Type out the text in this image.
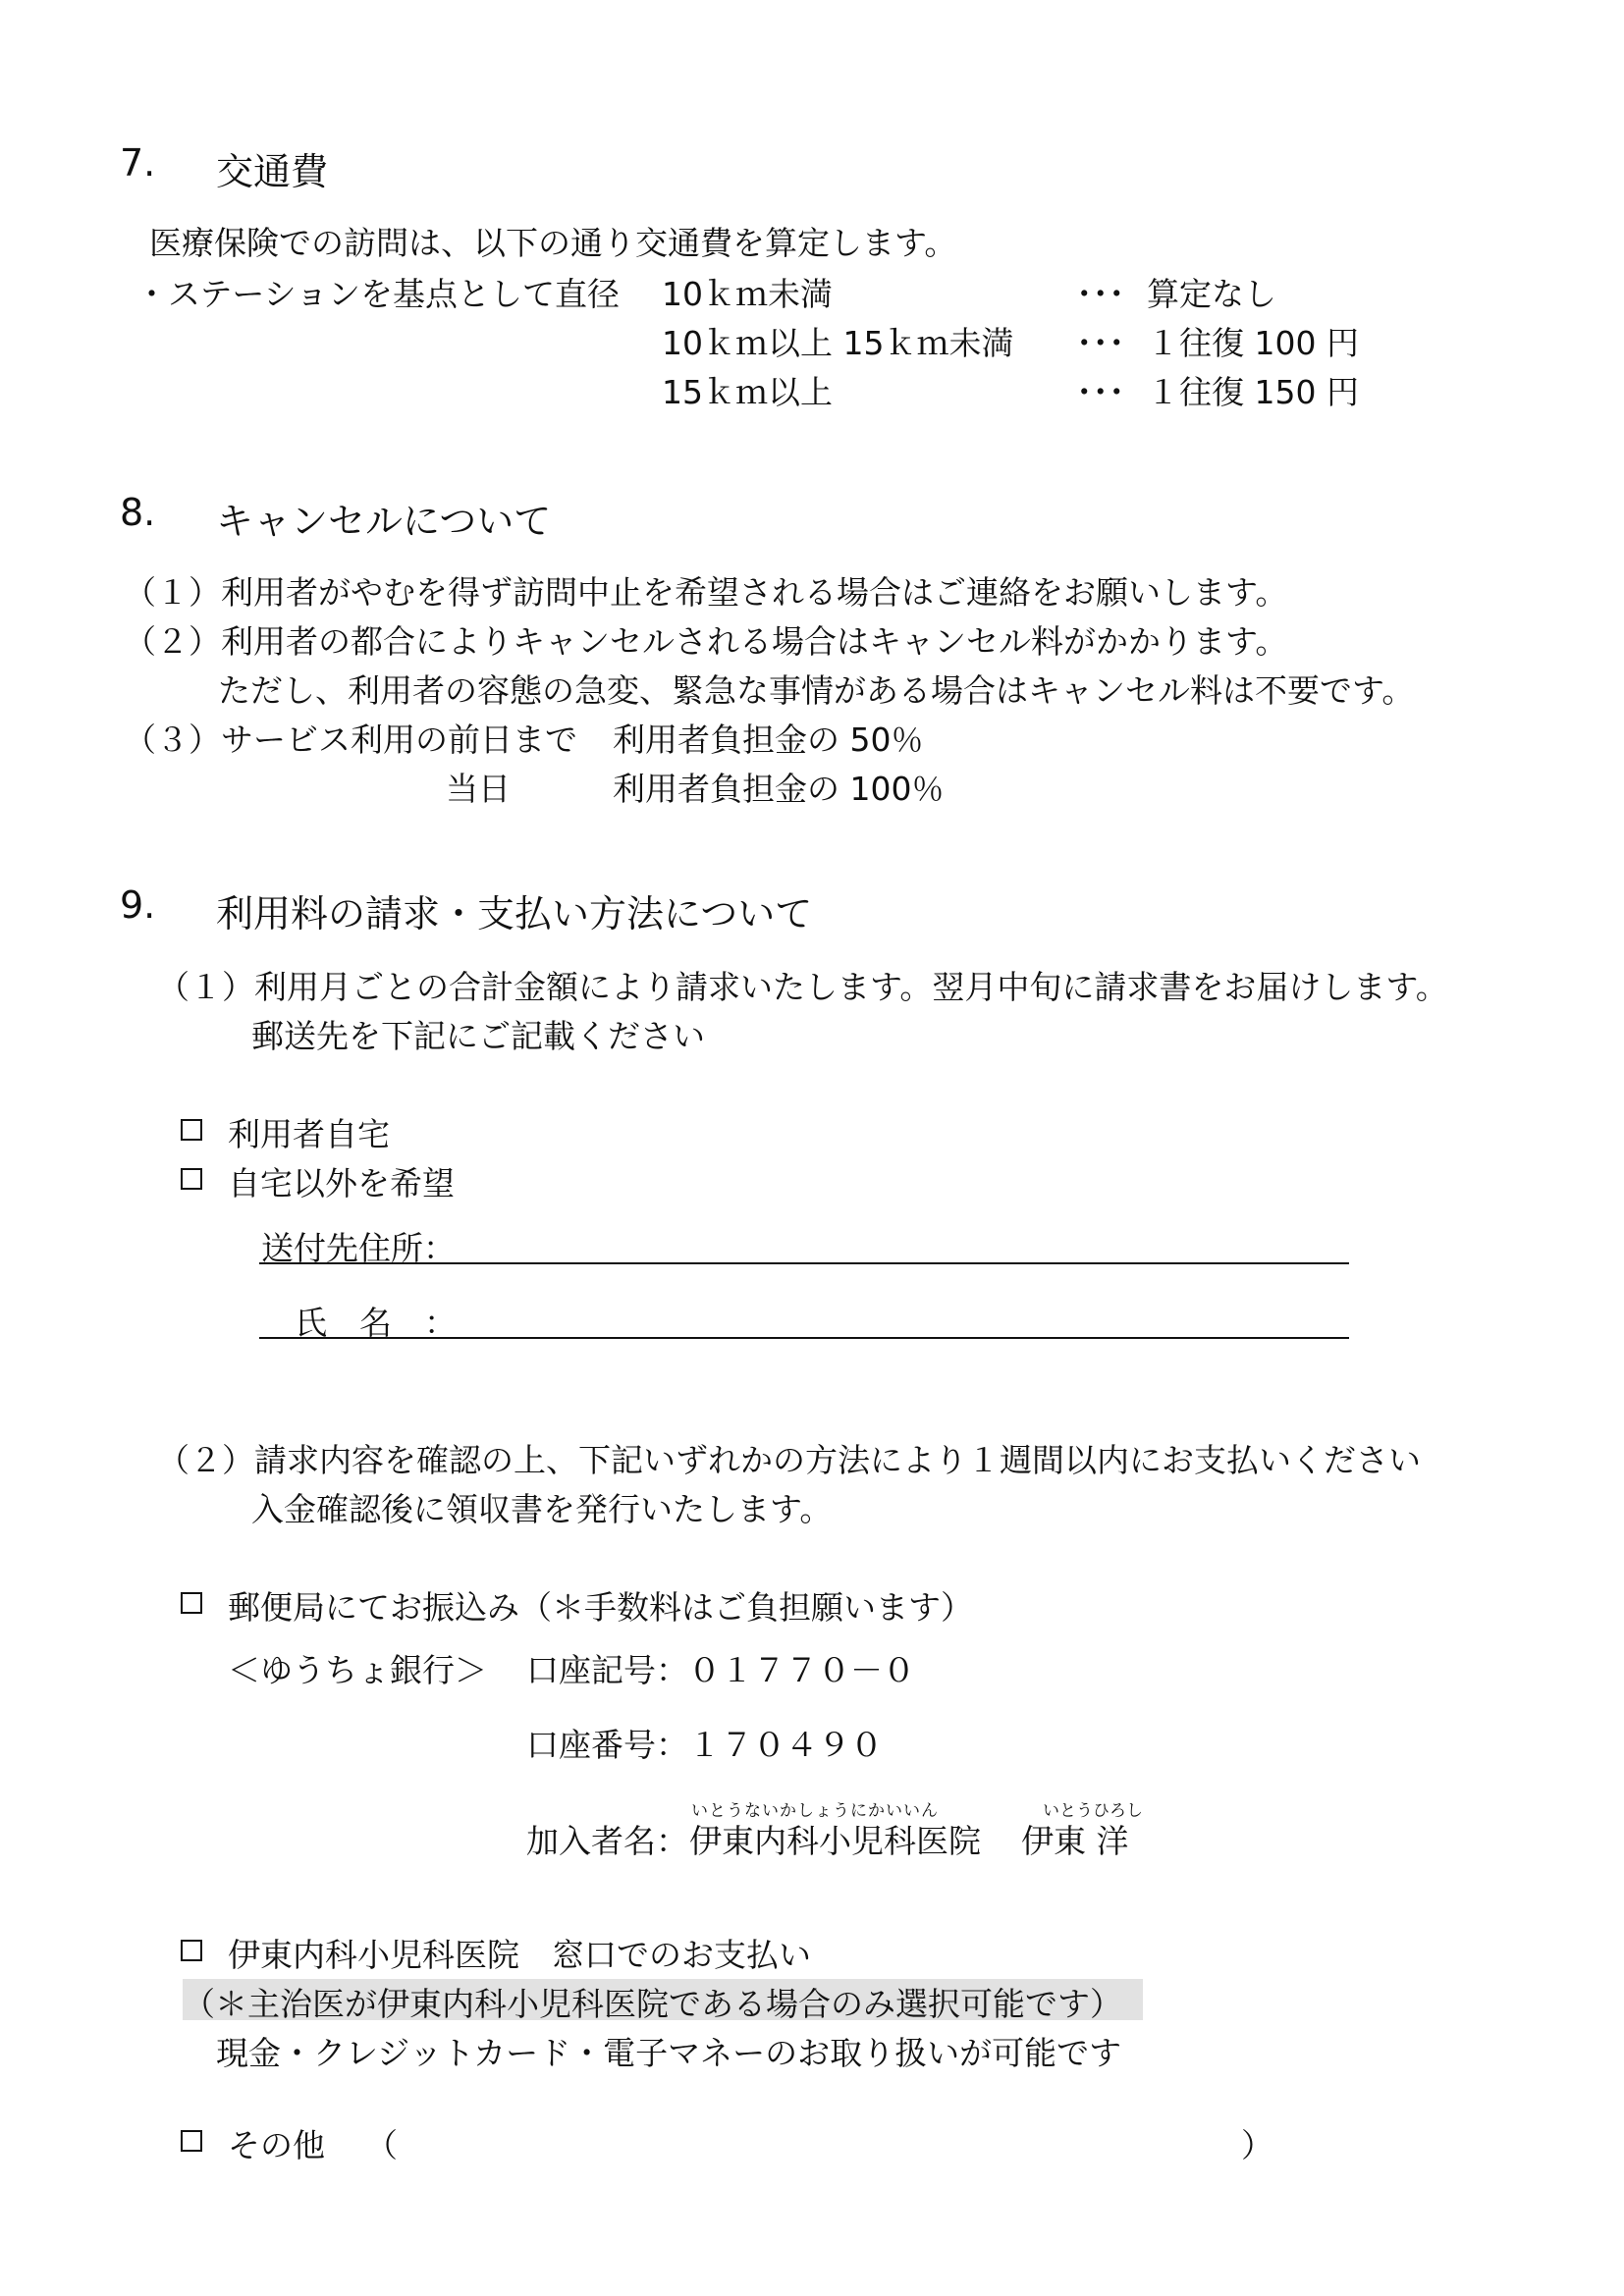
7. 交通費
医療保険での訪問は、以下の通り交通費を算定します。
・ステーションを基点として直径 10ｋｍ未満	･･･ 算定なし
10ｋｍ以上 15ｋｍ未満 ･･･ １往復 100 円
15ｋｍ以上	･･･ １往復 150 円
8. キャンセルについて
（１）利用者がやむを得ず訪問中止を希望される場合はご連絡をお願いします。
（２）利用者の都合によりキャンセルされる場合はキャンセル料がかかります。
ただし、利用者の容態の急変、緊急な事情がある場合はキャンセル料は不要です。
（３）サービス利用の前日まで 利用者負担金の 50％
当日	利用者負担金の 100％
9. 利用料の請求・支払い方法について
（１）利用月ごとの合計金額により請求いたします。翌月中旬に請求書をお届けします。
郵送先を下記にご記載ください
利用者自宅
自宅以外を希望
送付先住所：
氏　名　：
（２）請求内容を確認の上、下記いずれかの方法により１週間以内にお支払いください
入金確認後に領収書を発行いたします。
郵便局にてお振込み（＊手数料はご負担願います）
＜ゆうちょ銀行＞ 口座記号：０１７７０－０
口座番号：１７０４９０
加入者名：
いとうないかしょうにかいいん
伊東内科小児科医院
いとうひろし
伊東 洋
伊東内科小児科医院　窓口でのお支払い
（＊主治医が伊東内科小児科医院である場合のみ選択可能です）
現金・クレジットカード・電子マネーのお取り扱いが可能です
その他 （	）
